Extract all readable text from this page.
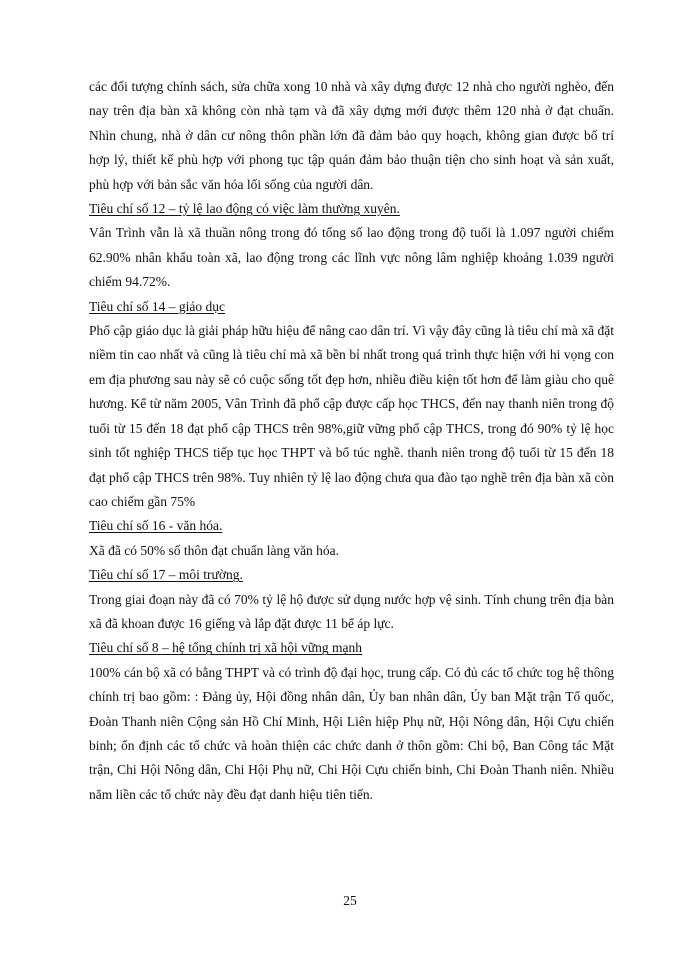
các đối tượng chính sách, sửa chữa xong 10 nhà và xây dựng được 12 nhà cho người nghèo, đến nay trên địa bàn xã không còn nhà tạm và đã xây dựng mới được thêm 120 nhà ở đạt chuẩn. Nhìn chung, nhà ở dân cư nông thôn phần lớn đã đảm bảo quy hoạch, không gian được bố trí hợp lý, thiết kế phù hợp với phong tục tập quán đảm bảo thuận tiện cho sinh hoạt và sản xuất, phù hợp với bản sắc văn hóa lối sống của người dân.

Tiêu chí số 12 – tỷ lệ lao động có việc làm thường xuyên.

Vân Trình vẫn là xã thuần nông trong đó tổng số lao động trong độ tuổi là 1.097 người chiếm 62.90% nhân khẩu toàn xã, lao động trong các lĩnh vực nông lâm nghiệp khoảng 1.039 người chiếm 94.72%.

Tiêu chí số 14 – giáo dục

Phổ cập giáo dục là giải pháp hữu hiệu để nâng cao dân trí. Vì vậy đây cũng là tiêu chí mà xã đặt niềm tin cao nhất và cũng là tiêu chí mà xã bền bỉ nhất trong quá trình thực hiện với hi vọng con em địa phương sau này sẽ có cuộc sống tốt đẹp hơn, nhiều điều kiện tốt hơn để làm giàu cho quê hương. Kể từ năm 2005, Vân Trình đã phổ cập được cấp học THCS, đến nay thanh niên trong độ tuổi từ 15 đến 18 đạt phổ cập THCS trên 98%,giữ vững phổ cập THCS, trong đó 90% tỷ lệ học sinh tốt nghiệp THCS tiếp tục học THPT và bổ túc nghề. thanh niên trong độ tuổi từ 15 đến 18 đạt phổ cập THCS trên 98%. Tuy nhiên tỷ lệ lao động chưa qua đào tạo nghề trên địa bàn xã còn cao chiếm gần 75%

Tiêu chí số 16 - văn hóa.

Xã đã có 50% số thôn đạt chuẩn làng văn hóa.

Tiêu chí số 17 – môi trường.

Trong giai đoạn này đã có 70% tỷ lệ hộ được sử dụng nước hợp vệ sinh. Tính chung trên địa bàn xã đã khoan được 16 giếng và lắp đặt được 11 bể áp lực.

Tiêu chí số 8 – hệ tổng chính trị xã hội vững mạnh

100% cán bộ xã có bằng THPT và có trình độ đại học, trung cấp. Có đủ các tổ chức tog hệ thông chính trị bao gồm: : Đảng ủy, Hội đồng nhân dân, Ủy ban nhân dân, Ủy ban Mặt trận Tổ quốc, Đoàn Thanh niên Cộng sản Hồ Chí Minh, Hội Liên hiệp Phụ nữ, Hội Nông dân, Hội Cựu chiến binh; ổn định các tổ chức và hoàn thiện các chức danh ở thôn gồm: Chi bộ, Ban Công tác Mặt trận, Chi Hội Nông dân, Chi Hội Phụ nữ, Chi Hội Cựu chiến binh, Chi Đoàn Thanh niên. Nhiều năm liền các tổ chức này đều đạt danh hiệu tiên tiến.

25
